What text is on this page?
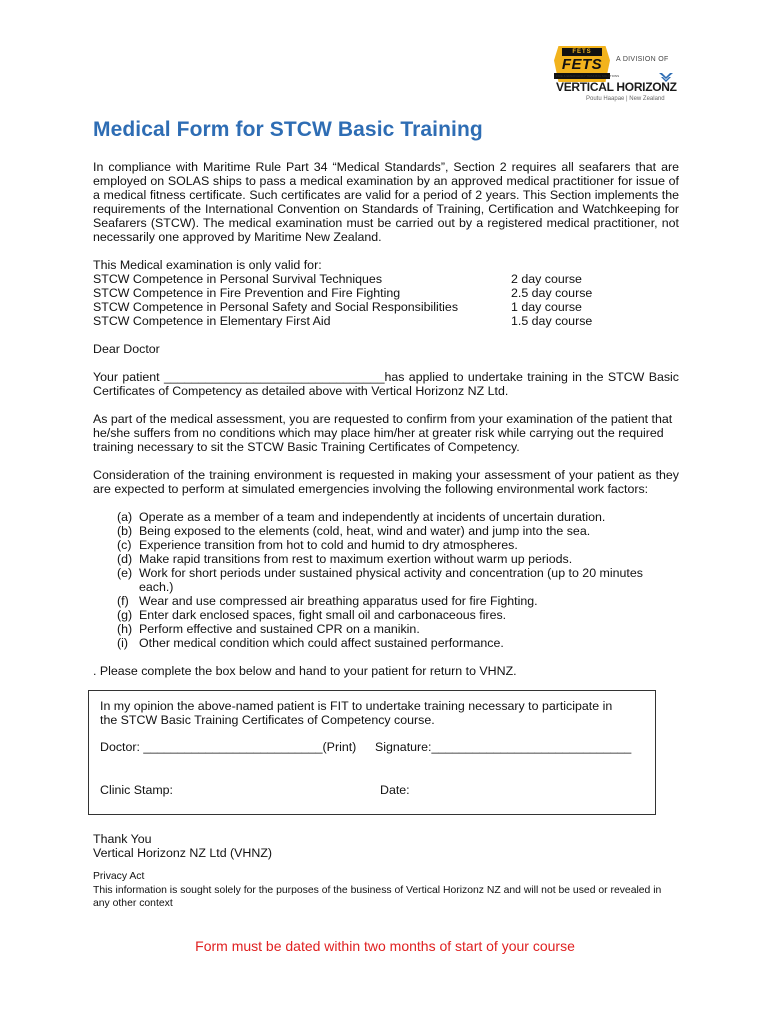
FETS
FETS
FIRE & EMERGENCY TRAINING SOLUTIONS
A DIVISION OF
VERTICAL HORIZONZ
Poutu Haapae | New Zealand
Medical Form for STCW Basic Training
In compliance with Maritime Rule Part 34 “Medical Standards”, Section 2 requires all seafarers that are employed on SOLAS ships to pass a medical examination by an approved medical practitioner for issue of a medical fitness certificate. Such certificates are valid for a period of 2 years. This Section implements the requirements of the International Convention on Standards of Training, Certification and Watchkeeping for Seafarers (STCW). The medical examination must be carried out by a registered medical practitioner, not necessarily one approved by Maritime New Zealand.
This Medical examination is only valid for:
STCW Competence in Personal Survival Techniques	2 day course
STCW Competence in Fire Prevention and Fire Fighting	2.5 day course
STCW Competence in Personal Safety and Social Responsibilities	1 day course
STCW Competence in Elementary First Aid	1.5 day course
Dear Doctor
Your patient ________________________________has applied to undertake training in the STCW Basic Certificates of Competency as detailed above with Vertical Horizonz NZ Ltd.
As part of the medical assessment, you are requested to confirm from your examination of the patient that he/she suffers from no conditions which may place him/her at greater risk while carrying out the required training necessary to sit the STCW Basic Training Certificates of Competency.
Consideration of the training environment is requested in making your assessment of your patient as they are expected to perform at simulated emergencies involving the following environmental work factors:
(a) Operate as a member of a team and independently at incidents of uncertain duration.
(b) Being exposed to the elements (cold, heat, wind and water) and jump into the sea.
(c) Experience transition from hot to cold and humid to dry atmospheres.
(d) Make rapid transitions from rest to maximum exertion without warm up periods.
(e) Work for short periods under sustained physical activity and concentration (up to 20 minutes each.)
(f) Wear and use compressed air breathing apparatus used for fire Fighting.
(g) Enter dark enclosed spaces, fight small oil and carbonaceous fires.
(h) Perform effective and sustained CPR on a manikin.
(i) Other medical condition which could affect sustained performance.
. Please complete the box below and hand to your patient for return to VHNZ.
In my opinion the above-named patient is FIT to undertake training necessary to participate in
the STCW Basic Training Certificates of Competency course.
Doctor: __________________________(Print) Signature:_____________________________
Clinic Stamp:	Date:
Thank You
Vertical Horizonz NZ Ltd (VHNZ)
Privacy Act
This information is sought solely for the purposes of the business of Vertical Horizonz NZ and will not be used or revealed in any other context
Form must be dated within two months of start of your course
